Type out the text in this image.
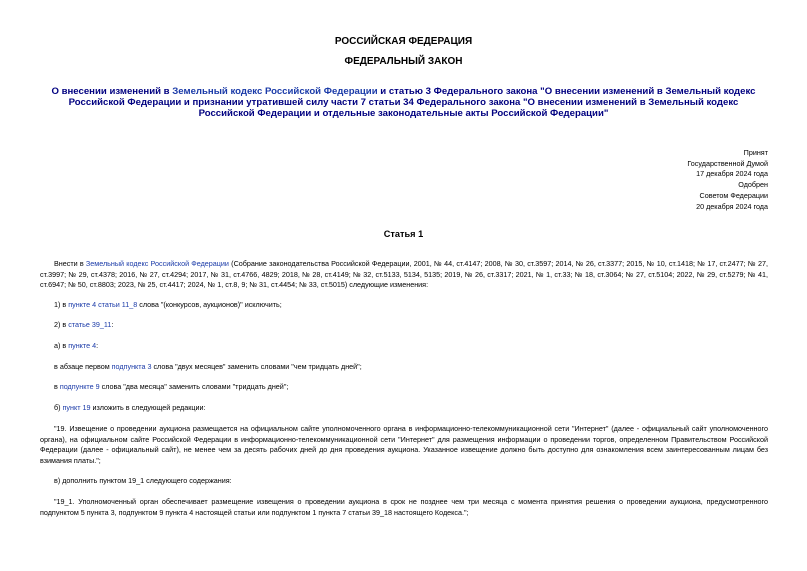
РОССИЙСКАЯ ФЕДЕРАЦИЯ
ФЕДЕРАЛЬНЫЙ ЗАКОН
О внесении изменений в Земельный кодекс Российской Федерации и статью 3 Федерального закона "О внесении изменений в Земельный кодекс Российской Федерации и признании утратившей силу части 7 статьи 34 Федерального закона "О внесении изменений в Земельный кодекс Российской Федерации и отдельные законодательные акты Российской Федерации"
Принят
Государственной Думой
17 декабря 2024 года
Одобрен
Советом Федерации
20 декабря 2024 года
Статья 1
Внести в Земельный кодекс Российской Федерации (Собрание законодательства Российской Федерации, 2001, № 44, ст.4147; 2008, № 30, ст.3597; 2014, № 26, ст.3377; 2015, № 10, ст.1418; № 17, ст.2477; № 27, ст.3997; № 29, ст.4378; 2016, № 27, ст.4294; 2017, № 31, ст.4766, 4829; 2018, № 28, ст.4149; № 32, ст.5133, 5134, 5135; 2019, № 26, ст.3317; 2021, № 1, ст.33; № 18, ст.3064; № 27, ст.5104; 2022, № 29, ст.5279; № 41, ст.6947; № 50, ст.8803; 2023, № 25, ст.4417; 2024, № 1, ст.8, 9; № 31, ст.4454; № 33, ст.5015) следующие изменения:
1) в пункте 4 статьи 11_8 слова "(конкурсов, аукционов)" исключить;
2) в статье 39_11:
а) в пункте 4:
в абзаце первом подпункта 3 слова "двух месяцев" заменить словами "чем тридцать дней";
в подпункте 9 слова "два месяца" заменить словами "тридцать дней";
б) пункт 19 изложить в следующей редакции:
"19. Извещение о проведении аукциона размещается на официальном сайте уполномоченного органа в информационно-телекоммуникационной сети "Интернет" (далее - официальный сайт уполномоченного органа), на официальном сайте Российской Федерации в информационно-телекоммуникационной сети "Интернет" для размещения информации о проведении торгов, определенном Правительством Российской Федерации (далее - официальный сайт), не менее чем за десять рабочих дней до дня проведения аукциона. Указанное извещение должно быть доступно для ознакомления всем заинтересованным лицам без взимания платы.";
в) дополнить пунктом 19_1 следующего содержания:
"19_1. Уполномоченный орган обеспечивает размещение извещения о проведении аукциона в срок не позднее чем три месяца с момента принятия решения о проведении аукциона, предусмотренного подпунктом 5 пункта 3, подпунктом 9 пункта 4 настоящей статьи или подпунктом 1 пункта 7 статьи 39_18 настоящего Кодекса.";
